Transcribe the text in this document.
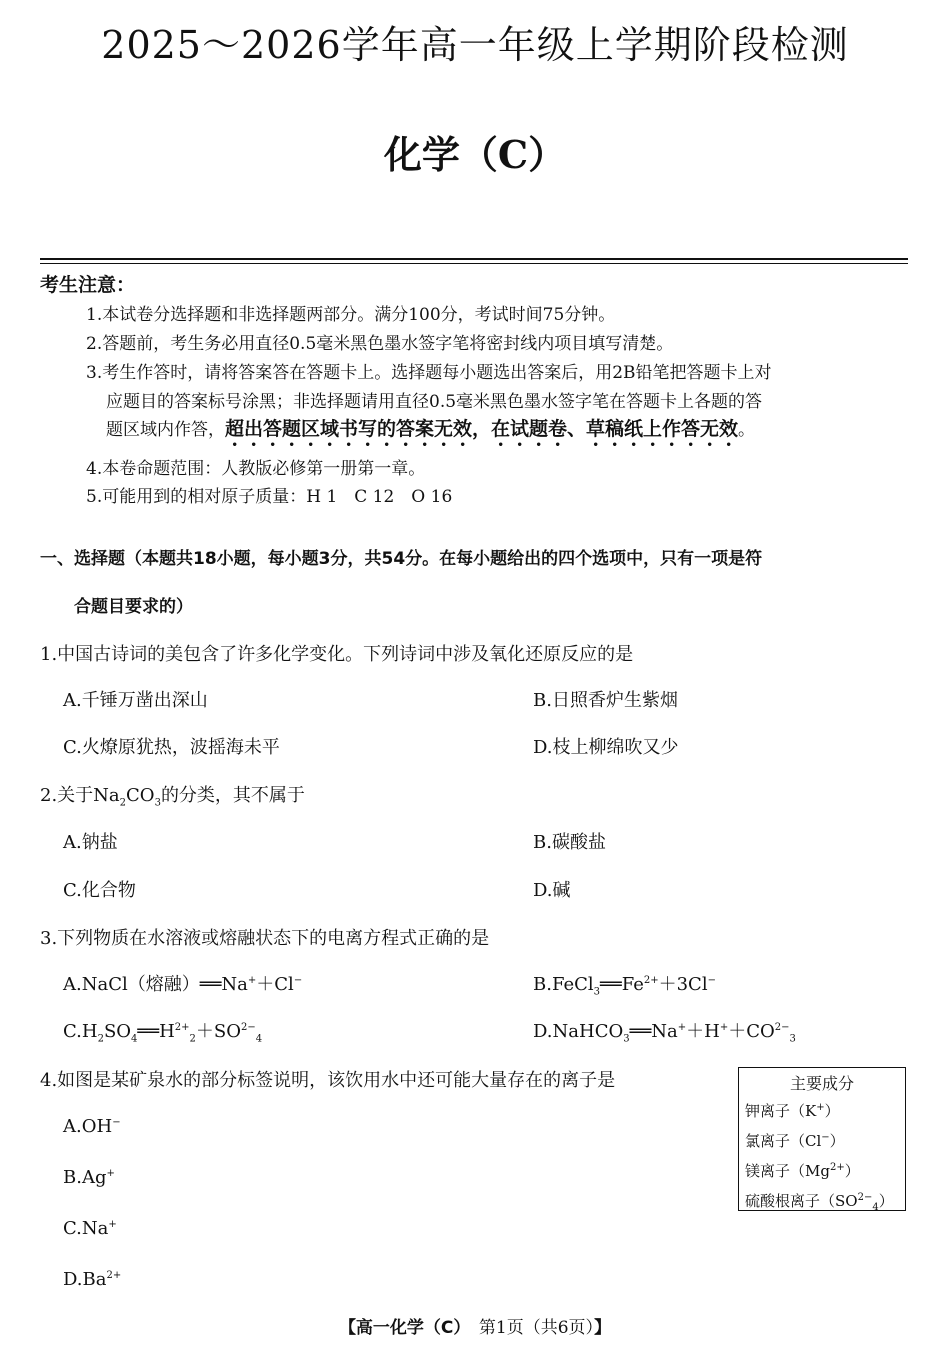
2025～2026学年高一年级上学期阶段检测
化学（C）
考生注意：
1.本试卷分选择题和非选择题两部分。满分100分，考试时间75分钟。
2.答题前，考生务必用直径0.5毫米黑色墨水签字笔将密封线内项目填写清楚。
3.考生作答时，请将答案答在答题卡上。选择题每小题选出答案后，用2B铅笔把答题卡上对
应题目的答案标号涂黑；非选择题请用直径0.5毫米黑色墨水签字笔在答题卡上各题的答
题区域内作答，超出答题区域书写的答案无效，在试题卷、草稿纸上作答无效。
4.本卷命题范围：人教版必修第一册第一章。
5.可能用到的相对原子质量：H 1　C 12　O 16
一、选择题（本题共18小题，每小题3分，共54分。在每小题给出的四个选项中，只有一项是符
合题目要求的）
1.中国古诗词的美包含了许多化学变化。下列诗词中涉及氧化还原反应的是
A.千锤万凿出深山	B.日照香炉生紫烟
C.火燎原犹热，波摇海未平	D.枝上柳绵吹又少
2.关于$Na_2CO_3$的分类，其不属于
A.钠盐	B.碳酸盐
C.化合物	D.碱
3.下列物质在水溶液或熔融状态下的电离方程式正确的是
A.NaCl（熔融）══Na+＋Cl−	$B.FeCl_3══Fe^{2+}+3Cl^-$
$C.H_2SO_4══H^{2+}_2+SO^{2-}_4$	$D.NaHCO_3══Na^++H^++CO^{2-}_3$
4.如图是某矿泉水的部分标签说明，该饮用水中还可能大量存在的离子是
A.OH−
B.Ag+
C.Na+
$D.Ba^{2+}$
主要成分
钾离子（K+）
氯离子（Cl−）
镁离子$(Mg^{2+})$
硫酸根离子$(SO^{2-}_4)$
【高一化学（C）　第1页（共6页）】
